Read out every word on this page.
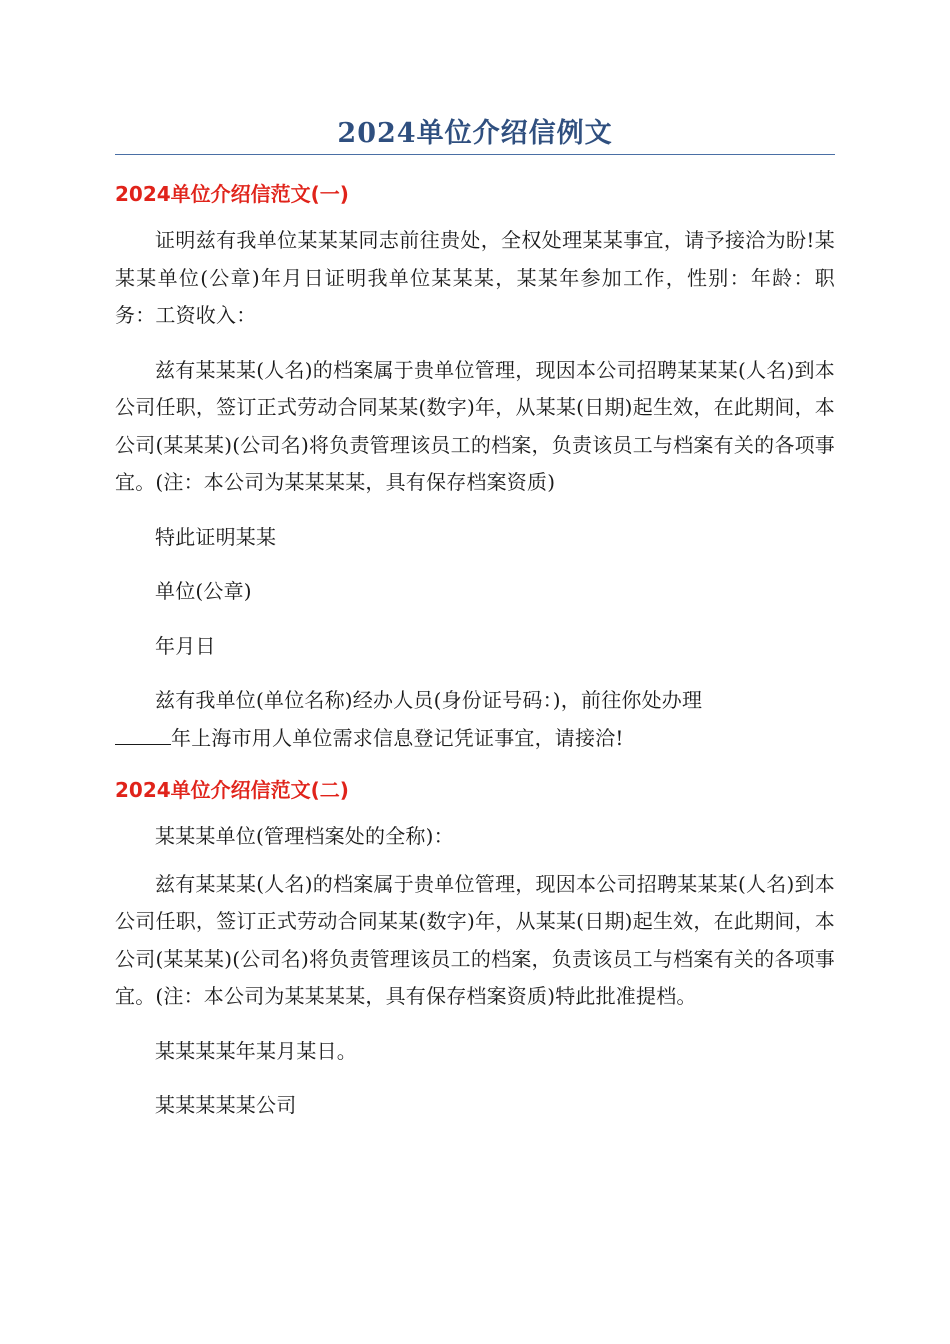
2024单位介绍信例文
2024单位介绍信范文(一)

证明兹有我单位某某某同志前往贵处，全权处理某某事宜，请予接洽为盼!某某某单位(公章)年月日证明我单位某某某，某某年参加工作，性别：年龄：职务：工资收入：

兹有某某某(人名)的档案属于贵单位管理，现因本公司招聘某某某(人名)到本公司任职，签订正式劳动合同某某(数字)年，从某某(日期)起生效，在此期间，本公司(某某某)(公司名)将负责管理该员工的档案，负责该员工与档案有关的各项事宜。(注：本公司为某某某某，具有保存档案资质)

特此证明某某

单位(公章)

年月日

兹有我单位(单位名称)经办人员(身份证号码：)，前往你处办理
年上海市用人单位需求信息登记凭证事宜，请接洽!

2024单位介绍信范文(二)

某某某单位(管理档案处的全称)：

兹有某某某(人名)的档案属于贵单位管理，现因本公司招聘某某某(人名)到本公司任职，签订正式劳动合同某某(数字)年，从某某(日期)起生效，在此期间，本公司(某某某)(公司名)将负责管理该员工的档案，负责该员工与档案有关的各项事宜。(注：本公司为某某某某，具有保存档案资质)特此批准提档。

某某某某年某月某日。

某某某某某公司
